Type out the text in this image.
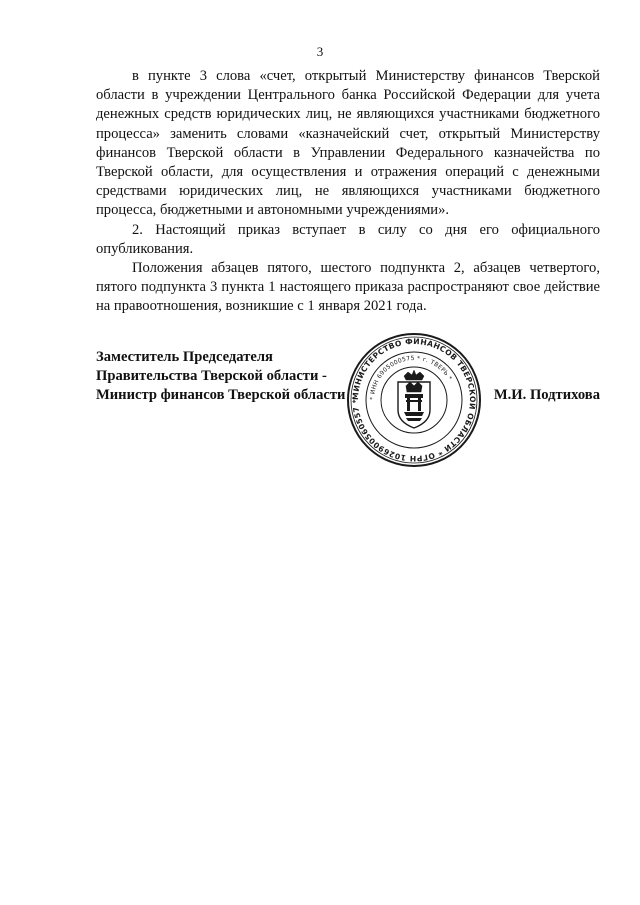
3

в пункте 3 слова «счет, открытый Министерству финансов Тверской области в учреждении Центрального банка Российской Федерации для учета денежных средств юридических лиц, не являющихся участниками бюджетного процесса» заменить словами «казначейский счет, открытый Министерству финансов Тверской области в Управлении Федерального казначейства по Тверской области, для осуществления и отражения операций с денежными средствами юридических лиц, не являющихся участниками бюджетного процесса, бюджетными и автономными учреждениями».

2. Настоящий приказ вступает в силу со дня его официального опубликования.

Положения абзацев пятого, шестого подпункта 2, абзацев четвертого, пятого подпункта 3 пункта 1 настоящего приказа распространяют свое действие на правоотношения, возникшие с 1 января 2021 года.

Заместитель Председателя
Правительства Тверской области -
Министр финансов Тверской области	М.И. Подтихова
МИНИСТЕРСТВО ФИНАНСОВ ТВЕРСКОЙ ОБЛАСТИ * ОГРН 1026900560557 *
* ИНН 6905000575 * г. ТВЕРЬ *
